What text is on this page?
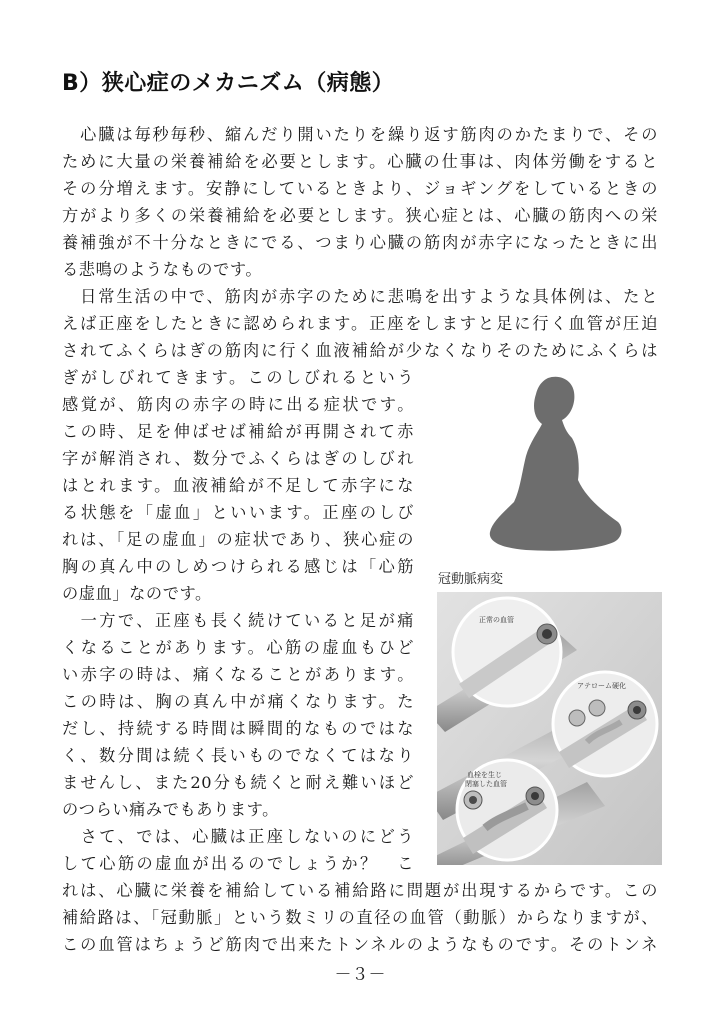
B）狭心症のメカニズム（病態）
　心臓は毎秒毎秒、縮んだり開いたりを繰り返す筋肉のかたまりで、その
ために大量の栄養補給を必要とします。心臓の仕事は、肉体労働をすると
その分増えます。安静にしているときより、ジョギングをしているときの
方がより多くの栄養補給を必要とします。狭心症とは、心臓の筋肉への栄
養補強が不十分なときにでる、つまり心臓の筋肉が赤字になったときに出
る悲鳴のようなものです。
　日常生活の中で、筋肉が赤字のために悲鳴を出すような具体例は、たと
えば正座をしたときに認められます。正座をしますと足に行く血管が圧迫
されてふくらはぎの筋肉に行く血液補給が少なくなりそのためにふくらは
ぎがしびれてきます。このしびれるという
感覚が、筋肉の赤字の時に出る症状です。
この時、足を伸ばせば補給が再開されて赤
字が解消され、数分でふくらはぎのしびれ
はとれます。血液補給が不足して赤字にな
る状態を「虚血」といいます。正座のしび
れは、「足の虚血」の症状であり、狭心症の
胸の真ん中のしめつけられる感じは「心筋
の虚血」なのです。
　一方で、正座も長く続けていると足が痛
くなることがあります。心筋の虚血もひど
い赤字の時は、痛くなることがあります。
この時は、胸の真ん中が痛くなります。た
だし、持続する時間は瞬間的なものではな
く、数分間は続く長いものでなくてはなり
ませんし、また20分も続くと耐え難いほど
のつらい痛みでもあります。
　さて、では、心臓は正座しないのにどう
して心筋の虚血が出るのでしょうか？　こ
れは、心臓に栄養を補給している補給路に問題が出現するからです。この
補給路は、「冠動脈」という数ミリの直径の血管（動脈）からなりますが、
この血管はちょうど筋肉で出来たトンネルのようなものです。そのトンネ
冠動脈病変
正常の血管
アテローム硬化
血栓を生じ
閉塞した血管
－３－
